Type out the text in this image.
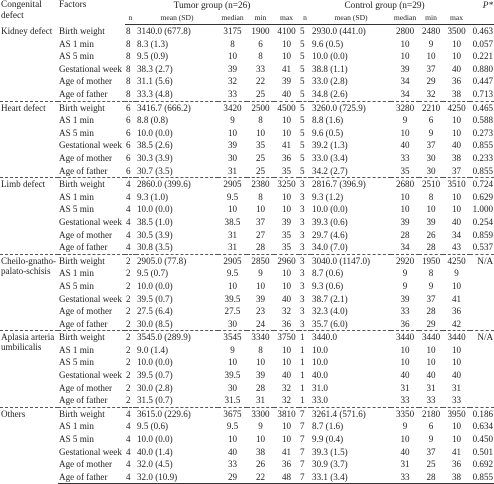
Congenital defect	Factors	Tumor group (n=26)					Control group (n=29)					P*
		n	mean (SD)	median	min	max	n	mean (SD)	median	min	max	
Kidney defect	Birth weight	8	3140.0 (677.8)	3175	1900	4100	5	2930.0 (441.0)	2800	2480	3500	0.463
	AS 1 min	8	8.3 (1.3)	8	6	10	5	9.6 (0.5)	10	9	10	0.057
	AS 5 min	8	9.5 (0.9)	10	8	10	5	10.0 (0.0)	10	10	10	0.221
	Gestational week	8	38.3 (2.7)	39	33	41	5	38.8 (1.1)	39	37	40	0.880
	Age of mother	8	31.1 (5.6)	32	22	39	5	33.0 (2.8)	34	29	36	0.447
	Age of father	8	33.3 (4.8)	33	25	40	5	34.8 (2.6)	34	32	38	0.713
Heart defect	Birth weight	6	3416.7 (666.2)	3420	2500	4500	5	3260.0 (725.9)	3280	2210	4250	0.465
	AS 1 min	6	8.8 (0.8)	9	8	10	5	8.8 (1.6)	9	6	10	0.588
	AS 5 min	6	10.0 (0.0)	10	10	10	5	9.6 (0.5)	10	9	10	0.273
	Gestational week	6	38.5 (2.6)	39	35	41	5	39.2 (1.3)	40	37	40	0.855
	Age of mother	6	30.3 (3.9)	30	25	36	5	33.0 (3.4)	33	30	38	0.233
	Age of father	6	30.7 (3.5)	31	25	35	5	34.2 (2.7)	35	30	37	0.855
Limb defect	Birth weight	4	2860.0 (399.6)	2905	2380	3250	3	2816.7 (396.9)	2680	2510	3510	0.724
	AS 1 min	4	9.3 (1.0)	9.5	8	10	3	9.3 (1.2)	10	8	10	0.629
	AS 5 min	4	10.0 (0.0)	10	10	10	3	10.0 (0.0)	10	10	10	1.000
	Gestational week	4	38.5 (1.0)	38.5	37	39	3	39.3 (0.6)	39	39	40	0.254
	Age of mother	4	30.5 (3.9)	31	27	35	3	29.7 (4.6)	28	26	34	0.859
	Age of father	4	30.8 (3.5)	31	28	35	3	34.0 (7.0)	34	28	43	0.537
Cheilo-gnatho-palato-schisis	Birth weight	2	2905.0 (77.8)	2905	2850	2960	3	3040.0 (1147.0)	2920	1950	4250	N/A
	AS 1 min	2	9.5 (0.7)	9.5	9	10	3	8.7 (0.6)	9	8	9	
	AS 5 min	2	10.0 (0.0)	10	10	10	3	9.3 (0.6)	9	9	10	
	Gestational week	2	39.5 (0.7)	39.5	39	40	3	38.7 (2.1)	39	37	41	
	Age of mother	2	27.5 (6.4)	27.5	23	32	3	32.3 (4.0)	33	28	36	
	Age of father	2	30.0 (8.5)	30	24	36	3	35.7 (6.0)	36	29	42	
Aplasia arteria umbilicalis	Birth weight	2	3545.0 (289.9)	3545	3340	3750	1	3440.0	3440	3440	3440	N/A
	AS 1 min	2	9.0 (1.4)	9	8	10	1	10.0	10	10	10	
	AS 5 min	2	10.0 (0.0)	10	10	10	1	10.0	10	10	10	
	Gestational week	2	39.5 (0.7)	39.5	39	40	1	40.0	40	40	40	
	Age of mother	2	30.0 (2.8)	30	28	32	1	31.0	31	31	31	
	Age of father	2	31.5 (0.7)	31.5	31	32	1	33.0	33	33	33	
Others	Birth weight	4	3615.0 (229.6)	3675	3300	3810	7	3261.4 (571.6)	3350	2180	3950	0.186
	AS 1 min	4	9.5 (0.6)	9.5	9	10	7	8.7 (1.6)	9	6	10	0.634
	AS 5 min	4	10.0 (0.0)	10	10	10	7	9.9 (0.4)	10	9	10	0.450
	Gestational week	4	40.0 (1.4)	40	38	41	7	39.3 (1.5)	40	37	41	0.501
	Age of mother	4	32.0 (4.5)	33	26	36	7	30.9 (3.7)	31	25	36	0.692
	Age of father	4	32.0 (10.9)	29	22	48	7	33.1 (3.4)	33	28	38	0.855
